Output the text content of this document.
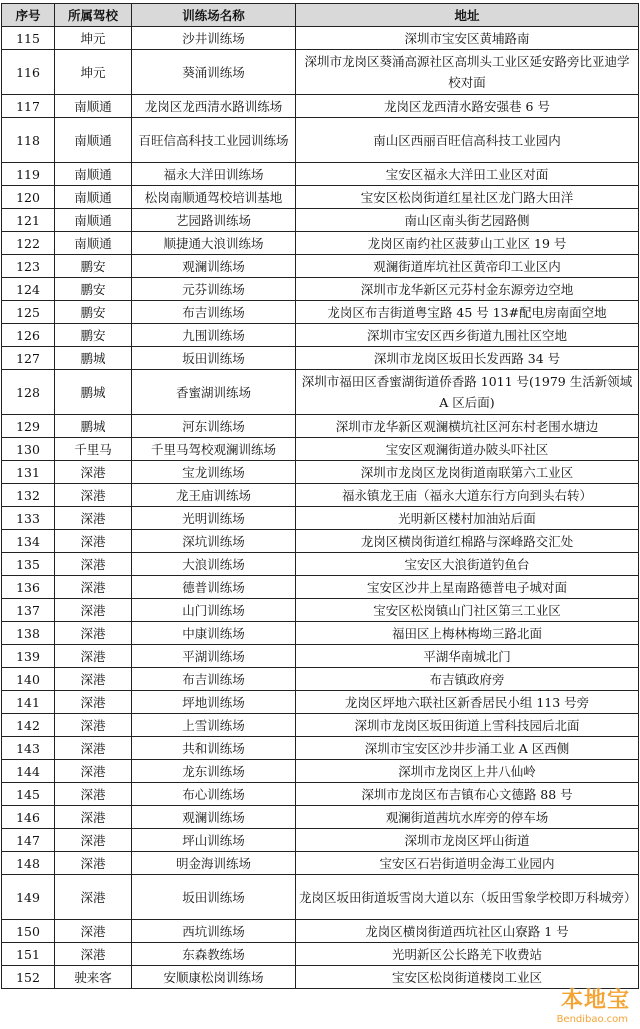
序号	所属驾校	训练场名称	地址
115	坤元	沙井训练场	深圳市宝安区黄埔路南
116	坤元	葵涌训练场	深圳市龙岗区葵涌高源社区高圳头工业区延安路旁比亚迪学校对面
117	南顺通	龙岗区龙西清水路训练场	龙岗区龙西清水路安强巷 6 号
118	南顺通	百旺信高科技工业园训练场	南山区西丽百旺信高科技工业园内
119	南顺通	福永大洋田训练场	宝安区福永大洋田工业区对面
120	南顺通	松岗南顺通驾校培训基地	宝安区松岗街道红星社区龙门路大田洋
121	南顺通	艺园路训练场	南山区南头街艺园路侧
122	南顺通	顺捷通大浪训练场	龙岗区南约社区菠萝山工业区 19 号
123	鹏安	观澜训练场	观澜街道库坑社区黄帝印工业区内
124	鹏安	元芬训练场	深圳市龙华新区元芬村金东源旁边空地
125	鹏安	布吉训练场	龙岗区布吉街道粤宝路 45 号 13#配电房南面空地
126	鹏安	九围训练场	深圳市宝安区西乡街道九围社区空地
127	鹏城	坂田训练场	深圳市龙岗区坂田长发西路 34 号
128	鹏城	香蜜湖训练场	深圳市福田区香蜜湖街道侨香路 1011 号(1979 生活新领域 A 区后面)
129	鹏城	河东训练场	深圳市龙华新区观澜横坑社区河东村老围水塘边
130	千里马	千里马驾校观澜训练场	宝安区观澜街道办陂头吓社区
131	深港	宝龙训练场	深圳市龙岗区龙岗街道南联第六工业区
132	深港	龙王庙训练场	福永镇龙王庙（福永大道东行方向到头右转）
133	深港	光明训练场	光明新区楼村加油站后面
134	深港	深坑训练场	龙岗区横岗街道红棉路与深峰路交汇处
135	深港	大浪训练场	宝安区大浪街道钓鱼台
136	深港	德普训练场	宝安区沙井上星南路德普电子城对面
137	深港	山门训练场	宝安区松岗镇山门社区第三工业区
138	深港	中康训练场	福田区上梅林梅坳三路北面
139	深港	平湖训练场	平湖华南城北门
140	深港	布吉训练场	布吉镇政府旁
141	深港	坪地训练场	龙岗区坪地六联社区新香居民小组 113 号旁
142	深港	上雪训练场	深圳市龙岗区坂田街道上雪科技园后北面
143	深港	共和训练场	深圳市宝安区沙井步涌工业 A 区西侧
144	深港	龙东训练场	深圳市龙岗区上井八仙岭
145	深港	布心训练场	深圳市龙岗区布吉镇布心文德路 88 号
146	深港	观澜训练场	观澜街道茜坑水库旁的停车场
147	深港	坪山训练场	深圳市龙岗区坪山街道
148	深港	明金海训练场	宝安区石岩街道明金海工业园内
149	深港	坂田训练场	龙岗区坂田街道坂雪岗大道以东（坂田雪象学校即万科城旁）
150	深港	西坑训练场	龙岗区横岗街道西坑社区山寮路 1 号
151	深港	东森教练场	光明新区公长路羌下收费站
152	驶来客	安顺康松岗训练场	宝安区松岗街道楼岗工业区
本地宝
Bendibao.com
